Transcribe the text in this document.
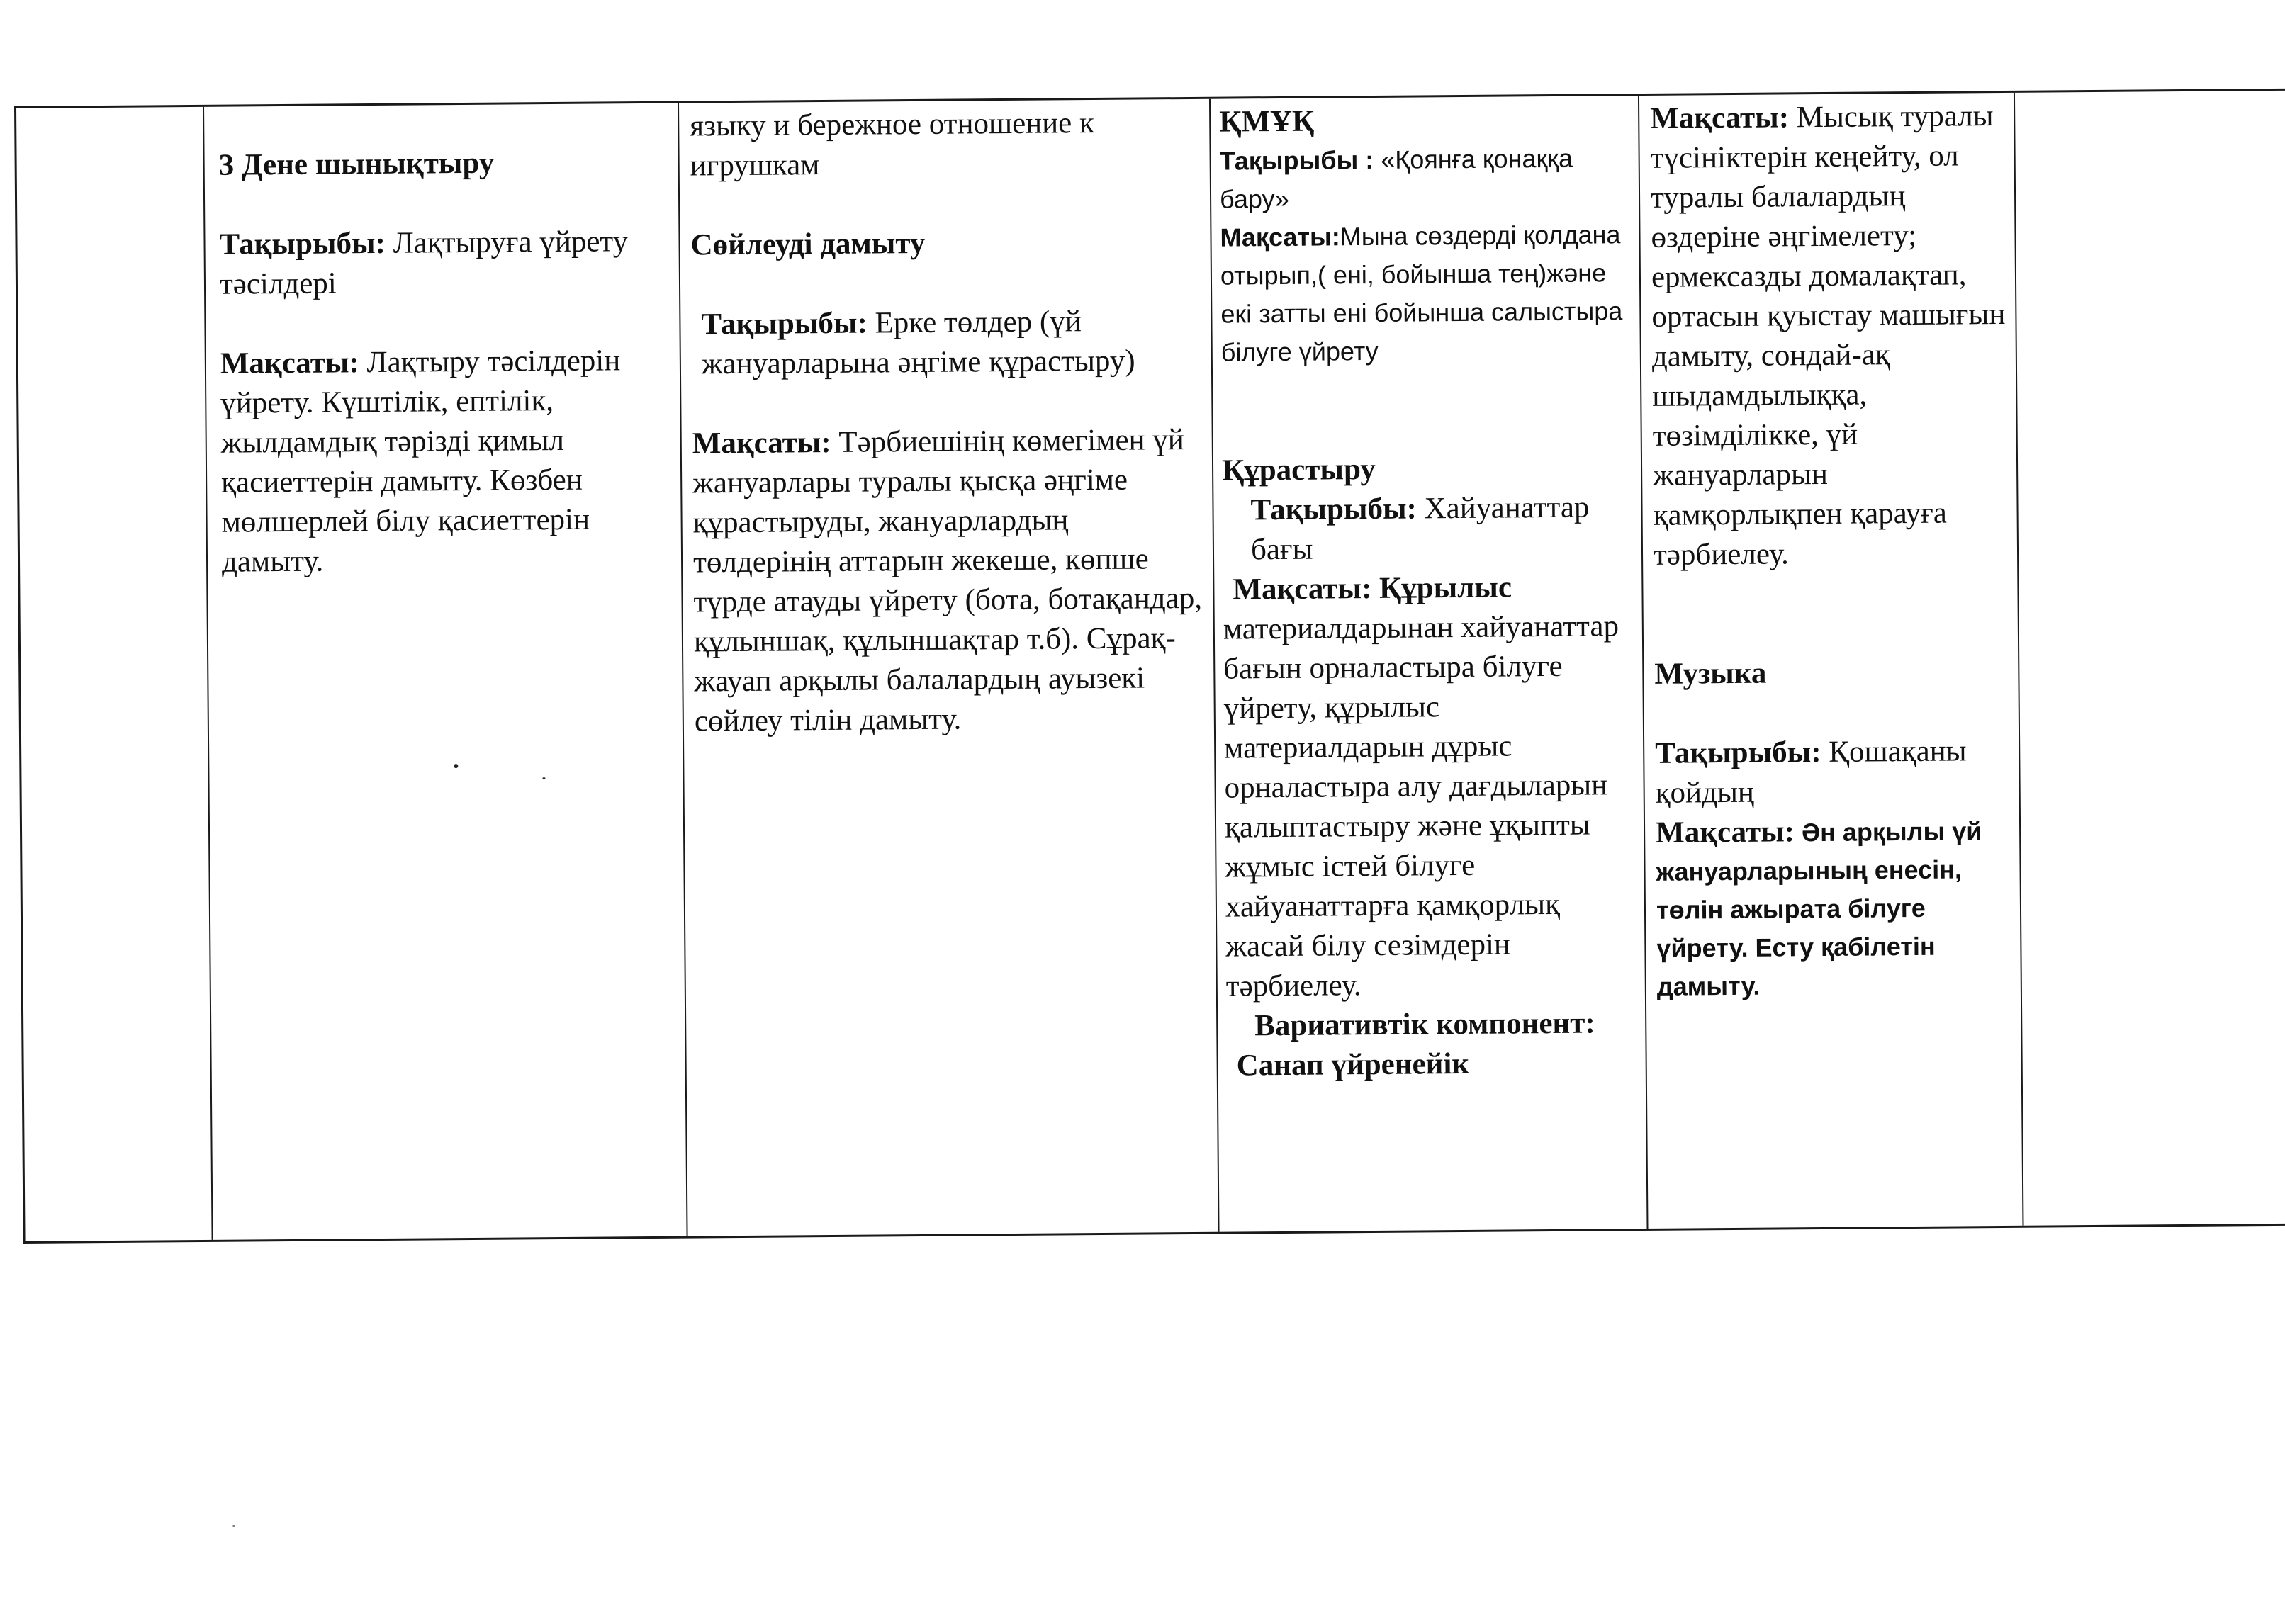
3 Дене шынықтыру

Тақырыбы: Лақтыруға үйрету тәсілдері

Мақсаты: Лақтыру тәсілдерін үйрету. Күштілік, ептілік, жылдамдық тәрізді қимыл қасиеттерін дамыту. Көзбен мөлшерлей білу қасиеттерін дамыту.

языку и бережное отношение к игрушкам

Сөйлеуді дамыту

Тақырыбы: Ерке төлдер (үй жануарларына әңгіме құрастыру)

Мақсаты: Тәрбиешінің көмегімен үй жануарлары туралы қысқа әңгіме құрастыруды, жануарлардың төлдерінің аттарын жекеше, көпше түрде атауды үйрету (бота, ботақандар, құлыншақ, құлыншақтар т.б). Сұрақ-жауап арқылы балалардың ауызекі сөйлеу тілін дамыту.

ҚМҰҚ

Тақырыбы : «Қоянға қонаққа бару»

Мақсаты:Мына сөздерді қолдана отырып,( ені, бойынша тең)және екі затты ені бойынша салыстыра білуге үйрету

Құрастыру

Тақырыбы: Хайуанаттар бағы

Мақсаты: Құрылыс материалдарынан хайуанаттар бағын орналастыра білуге үйрету, құрылыс материалдарын дұрыс орналастыра алу дағдыларын қалыптастыру және ұқыпты жұмыс істей білуге хайуанаттарға қамқорлық жасай білу сезімдерін тәрбиелеу.

Вариативтік компонент:

Санап үйренейік

Мақсаты: Мысық туралы түсініктерін кеңейту, ол туралы балалардың өздеріне әңгімелету; ермексазды домалақтап, ортасын қуыстау машығын дамыту, сондай-ақ шыдамдылыққа, төзімділікке, үй жануарларын қамқорлықпен қарауға тәрбиелеу.

Музыка

Тақырыбы: Қошақаны қойдың

Мақсаты: Ән арқылы үй жануарларының енесін, төлін ажырата білуге үйрету. Есту қабілетін дамыту.
